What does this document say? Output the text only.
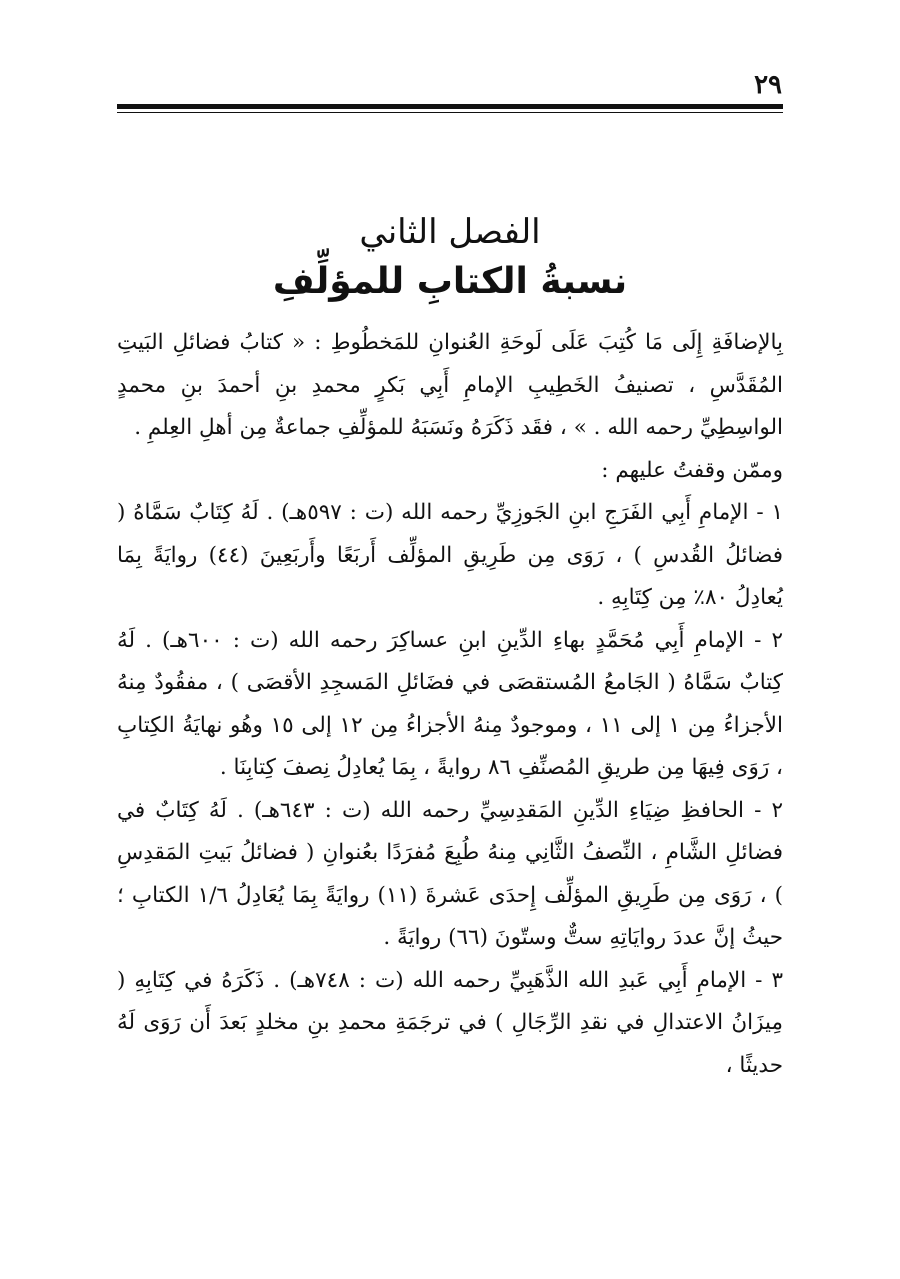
٢٩
الفصل الثاني
نسبةُ الكتابِ للمؤلِّفِ

بِالإضافَةِ إِلَى مَا كُتِبَ عَلَى لَوحَةِ العُنوانِ للمَخطُوطِ : « كتابُ فضائلِ البَيتِ المُقَدَّسِ ، تصنيفُ الخَطِيبِ الإمامِ أَبِي بَكرٍ محمدِ بنِ أحمدَ بنِ محمدٍ الواسِطِيِّ رحمه الله . » ، فقَد ذَكَرَهُ ونَسَبَهُ للمؤلِّفِ جماعةٌ مِن أهلِ العِلمِ .

وممّن وقفتُ عليهم :

١ - الإمامِ أَبِي الفَرَجِ ابنِ الجَوزِيِّ رحمه الله (ت : ٥٩٧هـ) . لَهُ كِتَابٌ سَمَّاهُ ( فضائلُ القُدسِ ) ، رَوَى مِن طَرِيقِ المؤلِّف أَربَعًا وأَربَعِينَ (٤٤) روايَةً بِمَا يُعادِلُ ٨٠٪ مِن كِتَابِهِ .

٢ - الإمامِ أَبِي مُحَمَّدٍ بهاءِ الدِّينِ ابنِ عساكِرَ رحمه الله (ت : ٦٠٠هـ) . لَهُ كِتابٌ سَمَّاهُ ( الجَامعُ المُستقصَى في فضَائلِ المَسجِدِ الأقصَى ) ، مفقُودٌ مِنهُ الأجزاءُ مِن ١ إلى ١١ ، وموجودٌ مِنهُ الأجزاءُ مِن ١٢ إلى ١٥ وهُو نهايَةُ الكِتابِ ، رَوَى فِيهَا مِن طريقِ المُصنِّفِ ٨٦ روايةً ، بِمَا يُعادِلُ نِصفَ كِتابِنَا .

٢ - الحافظِ ضِيَاءِ الدِّينِ المَقدِسِيِّ رحمه الله (ت : ٦٤٣هـ) . لَهُ كِتَابٌ في فضائلِ الشَّامِ ، النِّصفُ الثَّانِي مِنهُ طُبِعَ مُفرَدًا بعُنوانِ ( فضائلُ بَيتِ المَقدِسِ ) ، رَوَى مِن طَرِيقِ المؤلِّف إِحدَى عَشرةَ (١١) روايَةً بِمَا يُعَادِلُ ١/٦ الكتابِ ؛ حيثُ إنَّ عددَ روايَاتِهِ ستٌّ وستّونَ (٦٦) روايَةً .

٣ - الإمامِ أَبِي عَبدِ الله الذَّهَبِيِّ رحمه الله (ت : ٧٤٨هـ) . ذَكَرَهُ في كِتَابِهِ ( مِيزَانُ الاعتدالِ في نقدِ الرِّجَالِ ) في ترجَمَةِ محمدِ بنِ مخلدٍ بَعدَ أَن رَوَى لَهُ حديثًا ،
